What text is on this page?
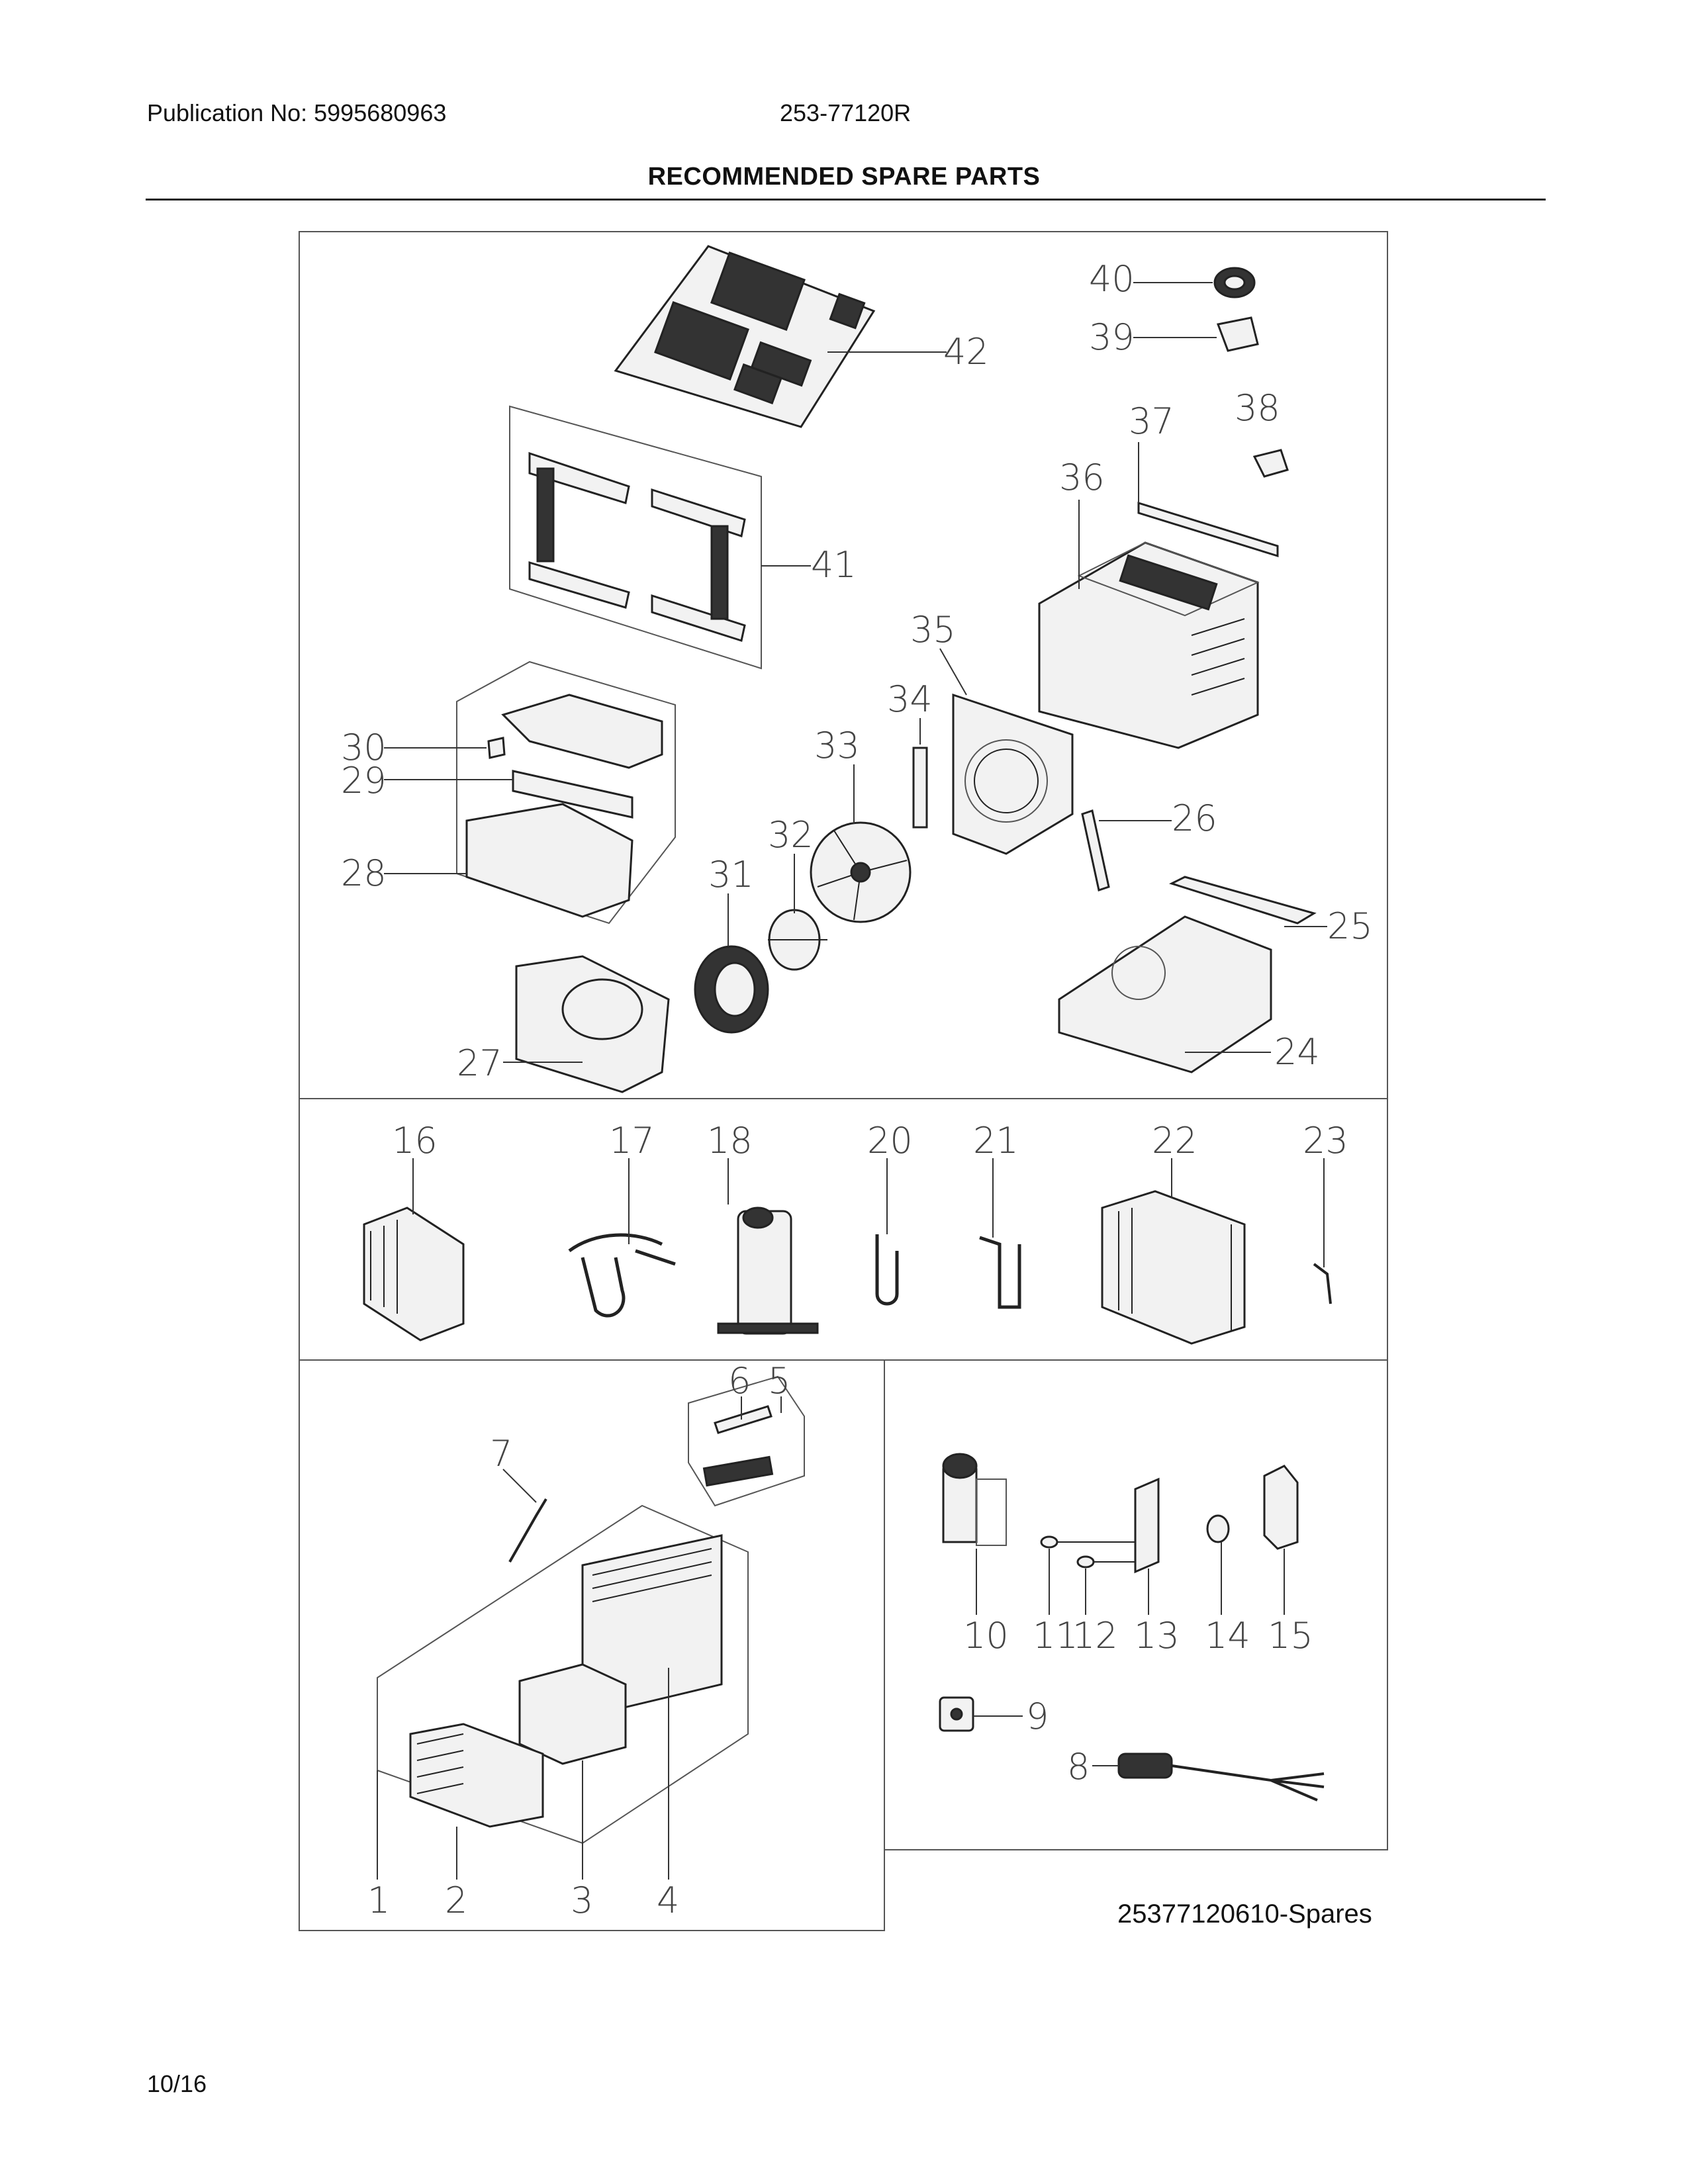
Publication No: 5995680963	253-77120R
RECOMMENDED SPARE PARTS
40
39
42
38
37
36
41
35
34
33
30
29
26
32
28	31
25
24
27
16	17 18	20 21	22	23
6 5
7
10 11
12 13 14 15
9
8
1 2	3 4	25377120610-Spares
10/16
